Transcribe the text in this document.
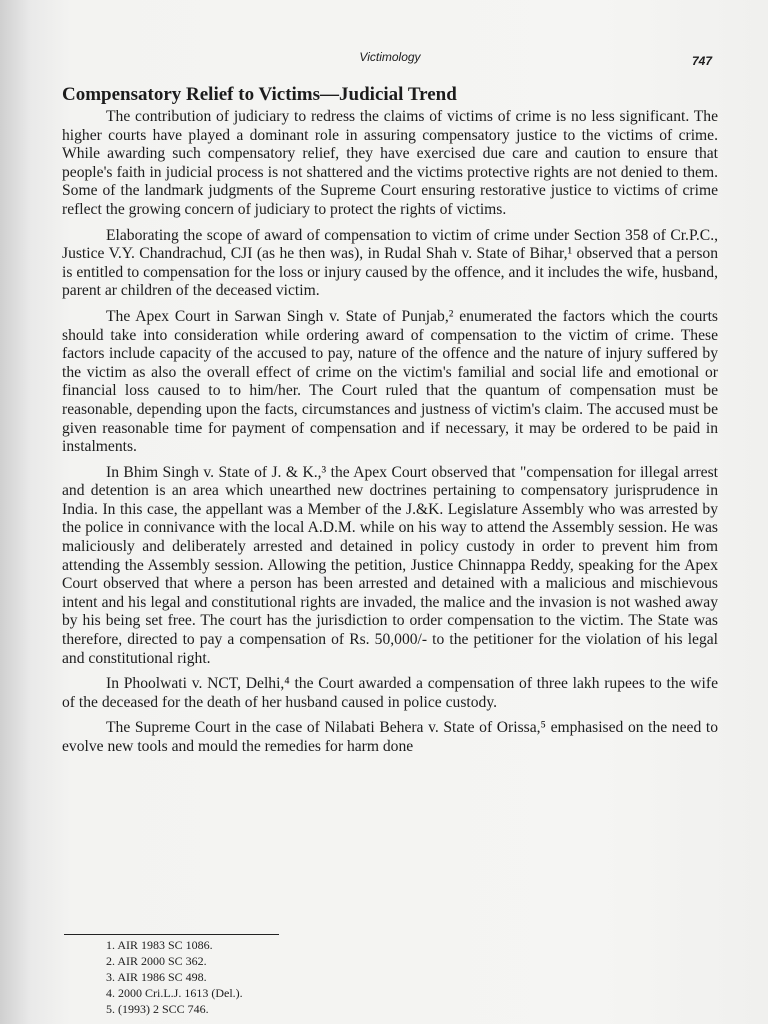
Victimology	747
Compensatory Relief to Victims—Judicial Trend

The contribution of judiciary to redress the claims of victims of crime is no less significant. The higher courts have played a dominant role in assuring compensatory justice to the victims of crime. While awarding such compensatory relief, they have exercised due care and caution to ensure that people's faith in judicial process is not shattered and the victims protective rights are not denied to them. Some of the landmark judgments of the Supreme Court ensuring restorative justice to victims of crime reflect the growing concern of judiciary to protect the rights of victims.

Elaborating the scope of award of compensation to victim of crime under Section 358 of Cr.P.C., Justice V.Y. Chandrachud, CJI (as he then was), in Rudal Shah v. State of Bihar,¹ observed that a person is entitled to compensation for the loss or injury caused by the offence, and it includes the wife, husband, parent ar children of the deceased victim.

The Apex Court in Sarwan Singh v. State of Punjab,² enumerated the factors which the courts should take into consideration while ordering award of compensation to the victim of crime. These factors include capacity of the accused to pay, nature of the offence and the nature of injury suffered by the victim as also the overall effect of crime on the victim's familial and social life and emotional or financial loss caused to to him/her. The Court ruled that the quantum of compensation must be reasonable, depending upon the facts, circumstances and justness of victim's claim. The accused must be given reasonable time for payment of compensation and if necessary, it may be ordered to be paid in instalments.

In Bhim Singh v. State of J. & K.,³ the Apex Court observed that "compensation for illegal arrest and detention is an area which unearthed new doctrines pertaining to compensatory jurisprudence in India. In this case, the appellant was a Member of the J.&K. Legislature Assembly who was arrested by the police in connivance with the local A.D.M. while on his way to attend the Assembly session. He was maliciously and deliberately arrested and detained in policy custody in order to prevent him from attending the Assembly session. Allowing the petition, Justice Chinnappa Reddy, speaking for the Apex Court observed that where a person has been arrested and detained with a malicious and mischievous intent and his legal and constitutional rights are invaded, the malice and the invasion is not washed away by his being set free. The court has the jurisdiction to order compensation to the victim. The State was therefore, directed to pay a compensation of Rs. 50,000/- to the petitioner for the violation of his legal and constitutional right.

In Phoolwati v. NCT, Delhi,⁴ the Court awarded a compensation of three lakh rupees to the wife of the deceased for the death of her husband caused in police custody.

The Supreme Court in the case of Nilabati Behera v. State of Orissa,⁵ emphasised on the need to evolve new tools and mould the remedies for harm done

1. AIR 1983 SC 1086.
2. AIR 2000 SC 362.
3. AIR 1986 SC 498.
4. 2000 Cri.L.J. 1613 (Del.).
5. (1993) 2 SCC 746.
